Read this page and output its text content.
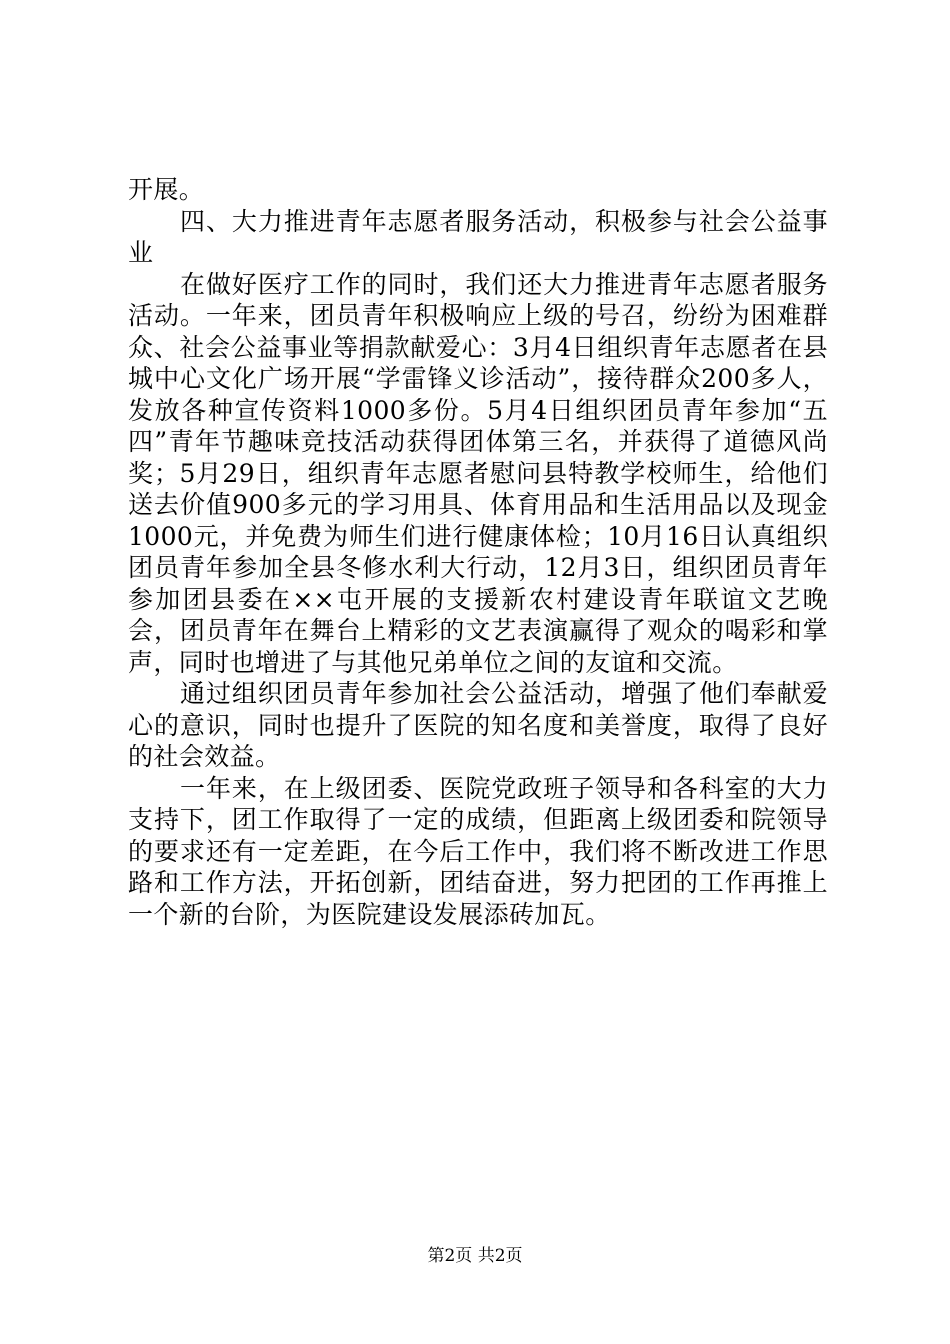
开展。

四、大力推进青年志愿者服务活动，积极参与社会公益事业

在做好医疗工作的同时，我们还大力推进青年志愿者服务活动。一年来，团员青年积极响应上级的号召，纷纷为困难群众、社会公益事业等捐款献爱心：3月4日组织青年志愿者在县城中心文化广场开展“学雷锋义诊活动”，接待群众200多人，发放各种宣传资料1000多份。5月4日组织团员青年参加“五四”青年节趣味竞技活动获得团体第三名，并获得了道德风尚奖；5月29日，组织青年志愿者慰问县特教学校师生，给他们送去价值900多元的学习用具、体育用品和生活用品以及现金1000元，并免费为师生们进行健康体检；10月16日认真组织团员青年参加全县冬修水利大行动，12月3日，组织团员青年参加团县委在××屯开展的支援新农村建设青年联谊文艺晚会，团员青年在舞台上精彩的文艺表演赢得了观众的喝彩和掌声，同时也增进了与其他兄弟单位之间的友谊和交流。

通过组织团员青年参加社会公益活动，增强了他们奉献爱心的意识，同时也提升了医院的知名度和美誉度，取得了良好的社会效益。

一年来，在上级团委、医院党政班子领导和各科室的大力支持下，团工作取得了一定的成绩，但距离上级团委和院领导的要求还有一定差距，在今后工作中，我们将不断改进工作思路和工作方法，开拓创新，团结奋进，努力把团的工作再推上一个新的台阶，为医院建设发展添砖加瓦。

第2页 共2页
